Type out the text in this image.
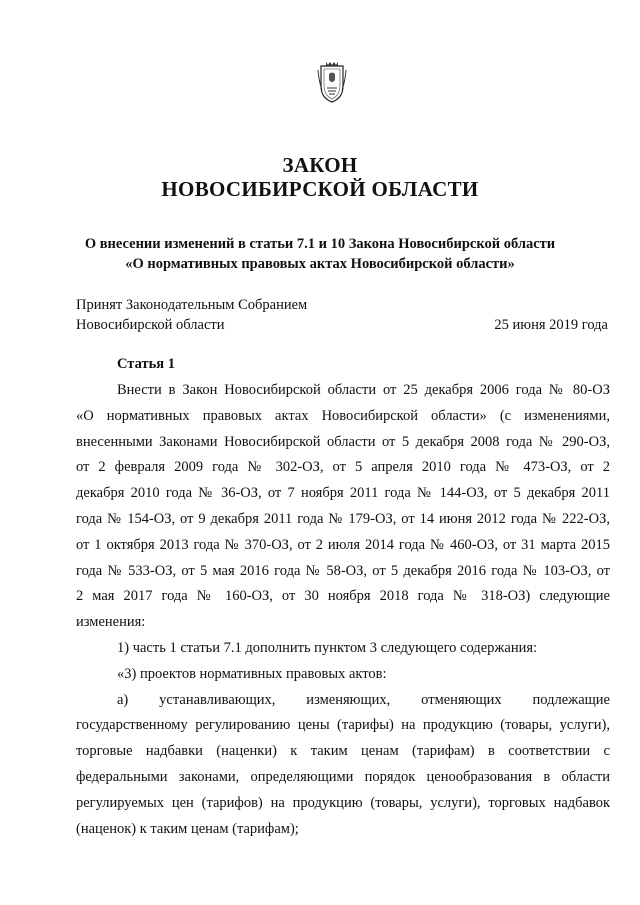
ЗАКОН
НОВОСИБИРСКОЙ ОБЛАСТИ
О внесении изменений в статьи 7.1 и 10 Закона Новосибирской области
«О нормативных правовых актах Новосибирской области»
Принят Законодательным Собранием
Новосибирской области	25 июня 2019 года
Статья 1
Внести в Закон Новосибирской области от 25 декабря 2006 года № 80-ОЗ
«О нормативных правовых актах Новосибирской области» (с изменениями,
внесенными Законами Новосибирской области от 5 декабря 2008 года № 290-ОЗ,
от 2 февраля 2009 года № 302-ОЗ, от 5 апреля 2010 года № 473-ОЗ, от 2
декабря 2010 года № 36-ОЗ, от 7 ноября 2011 года № 144-ОЗ, от 5 декабря 2011
года № 154-ОЗ, от 9 декабря 2011 года № 179-ОЗ, от 14 июня 2012 года № 222-ОЗ,
от 1 октября 2013 года № 370-ОЗ, от 2 июля 2014 года № 460-ОЗ, от 31 марта 2015
года № 533-ОЗ, от 5 мая 2016 года № 58-ОЗ, от 5 декабря 2016 года № 103-ОЗ, от
2 мая 2017 года № 160-ОЗ, от 30 ноября 2018 года № 318-ОЗ) следующие
изменения:
1) часть 1 статьи 7.1 дополнить пунктом 3 следующего содержания:
«3) проектов нормативных правовых актов:
а) устанавливающих, изменяющих, отменяющих подлежащие
государственному регулированию цены (тарифы) на продукцию (товары, услуги),
торговые надбавки (наценки) к таким ценам (тарифам) в соответствии с
федеральными законами, определяющими порядок ценообразования в области
регулируемых цен (тарифов) на продукцию (товары, услуги), торговых надбавок
(наценок) к таким ценам (тарифам);
